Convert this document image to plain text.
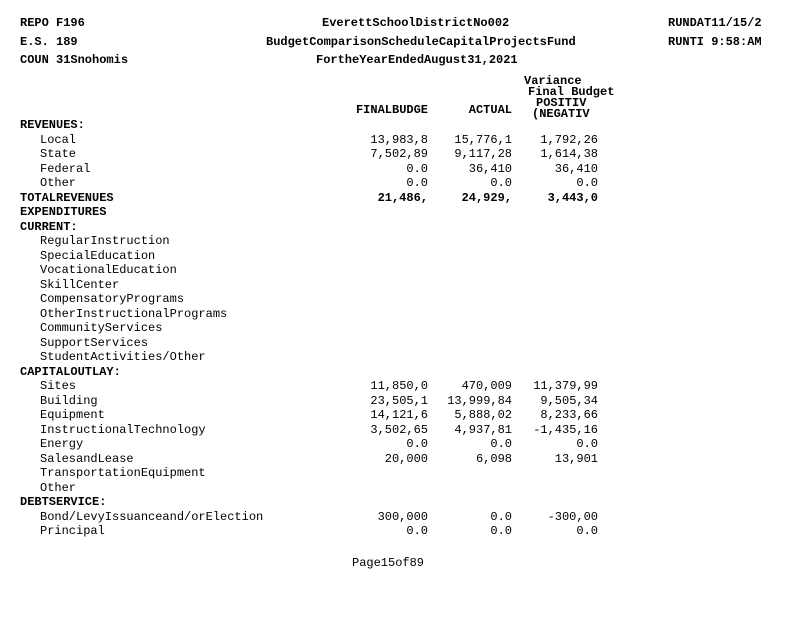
REPO F196
E.S. 189
COUN 31Snohomis
EverettSchoolDistrictNo002
BudgetComparisonScheduleCapitalProjectsFund
FortheYearEndedAugust31,2021
RUNDAT11/15/2
RUNTI 9:58:AM
Variance
Final Budget
POSITIV
(NEGATIV
FINALBUDGE	ACTUAL
REVENUES:
Local	13,983,8	15,776,1	1,792,26
State	7,502,89	9,117,28	1,614,38
Federal	0.0	36,410	36,410
Other	0.0	0.0	0.0
TOTALREVENUES	21,486,	24,929,	3,443,0
EXPENDITURES
CURRENT:
RegularInstruction
SpecialEducation
VocationalEducation
SkillCenter
CompensatoryPrograms
OtherInstructionalPrograms
CommunityServices
SupportServices
StudentActivities/Other
CAPITALOUTLAY:
Sites	11,850,0	470,009	11,379,99
Building	23,505,1	13,999,84	9,505,34
Equipment	14,121,6	5,888,02	8,233,66
InstructionalTechnology	3,502,65	4,937,81	-1,435,16
Energy	0.0	0.0	0.0
SalesandLease	20,000	6,098	13,901
TransportationEquipment
Other
DEBTSERVICE:
Bond/LevyIssuanceand/orElection	300,000	0.0	-300,00
Principal	0.0	0.0	0.0
Page15of89
